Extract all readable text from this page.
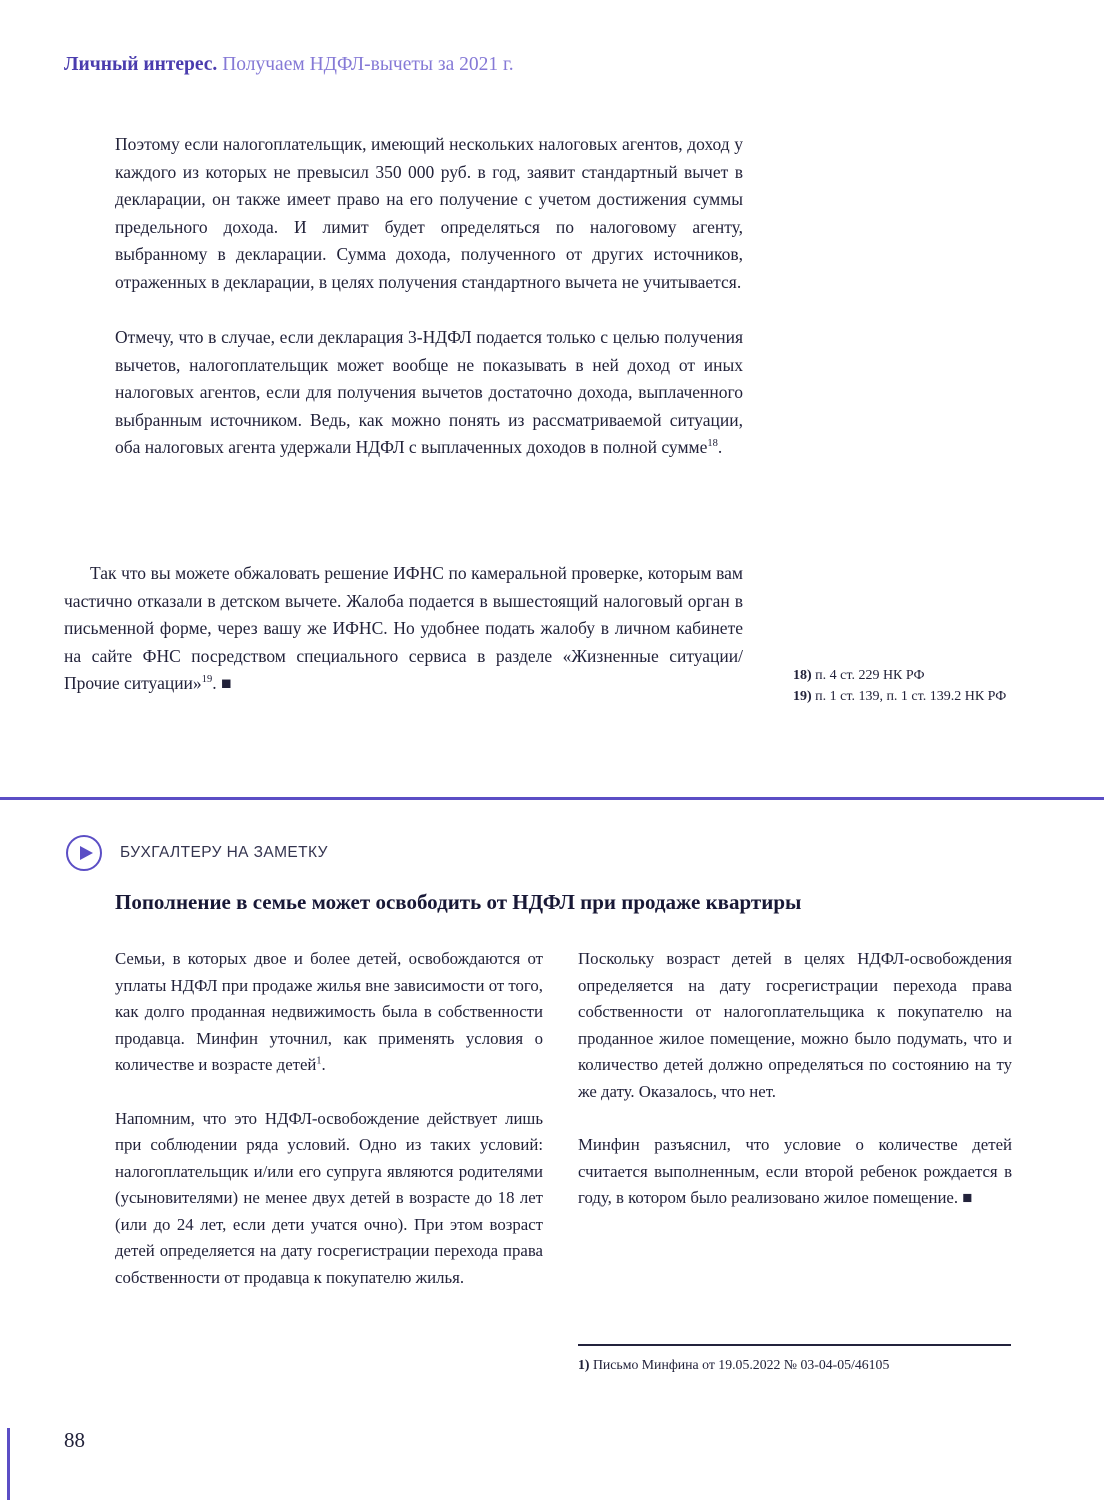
Личный интерес. Получаем НДФЛ-вычеты за 2021 г.

Поэтому если налогоплательщик, имеющий нескольких налоговых агентов, доход у каждого из которых не превысил 350 000 руб. в год, заявит стандартный вычет в декларации, он также имеет право на его получение с учетом достижения суммы предельного дохода. И лимит будет определяться по налоговому агенту, выбранному в декларации. Сумма дохода, полученного от других источников, отраженных в декларации, в целях получения стандартного вычета не учитывается.

Отмечу, что в случае, если декларация 3-НДФЛ подается только с целью получения вычетов, налогоплательщик может вообще не показывать в ней доход от иных налоговых агентов, если для получения вычетов достаточно дохода, выплаченного выбранным источником. Ведь, как можно понять из рассматриваемой ситуации, оба налоговых агента удержали НДФЛ с выплаченных доходов в полной сумме$^{18}$.

Так что вы можете обжаловать решение ИФНС по камеральной проверке, которым вам частично отказали в детском вычете. Жалоба подается в вышестоящий налоговый орган в письменной форме, через вашу же ИФНС. Но удобнее подать жалобу в личном кабинете на сайте ФНС посредством специального сервиса в разделе «Жизненные ситуации/Прочие ситуации»$^{19}$. ■	18) п. 4 ст. 229 НК РФ

19) п. 1 ст. 139, п. 1 ст. 139.2 НК РФ

БУХГАЛТЕРУ НА ЗАМЕТКУ
Пополнение в семье может освободить от НДФЛ при продаже квартиры

Семьи, в которых двое и более детей, освобождаются от уплаты НДФЛ при продаже жилья вне зависимости от того, как долго проданная недвижимость была в собственности продавца. Минфин уточнил, как применять условия о количестве и возрасте детей$^1$.

Напомним, что это НДФЛ-освобождение действует лишь при соблюдении ряда условий. Одно из таких условий: налогоплательщик и/или его супруга являются родителями (усыновителями) не менее двух детей в возрасте до 18 лет (или до 24 лет, если дети учатся очно). При этом возраст детей определяется на дату госрегистрации перехода права собственности от продавца к покупателю жилья.

Поскольку возраст детей в целях НДФЛ-освобождения определяется на дату госрегистрации перехода права собственности от налогоплательщика к покупателю на проданное жилое помещение, можно было подумать, что и количество детей должно определяться по состоянию на ту же дату. Оказалось, что нет.

Минфин разъяснил, что условие о количестве детей считается выполненным, если второй ребенок рождается в году, в котором было реализовано жилое помещение. ■

1) Письмо Минфина от 19.05.2022 № 03-04-05/46105

88
